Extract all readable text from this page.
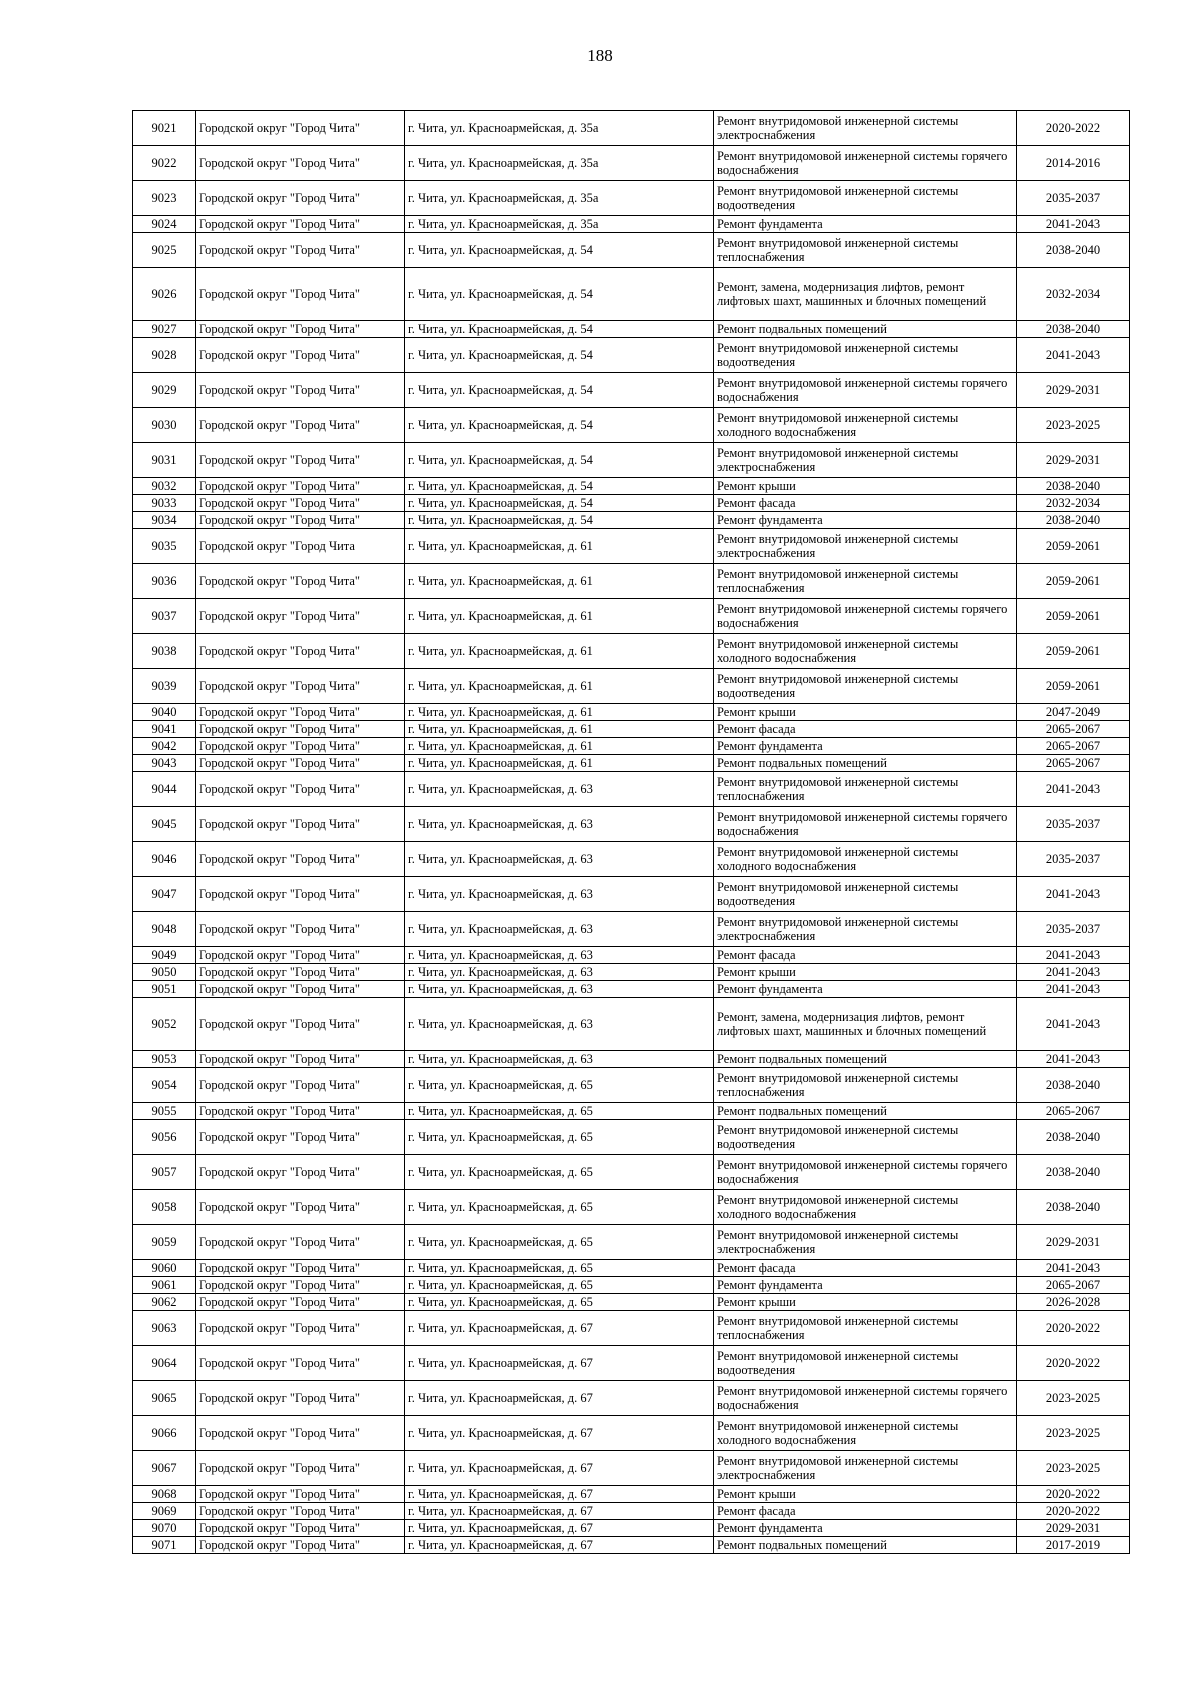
188
9021	Городской округ "Город Чита"	г. Чита, ул. Красноармейская, д. 35а	Ремонт внутридомовой инженерной системы электроснабжения	2020-2022
9022	Городской округ "Город Чита"	г. Чита, ул. Красноармейская, д. 35а	Ремонт внутридомовой инженерной системы горячего водоснабжения	2014-2016
9023	Городской округ "Город Чита"	г. Чита, ул. Красноармейская, д. 35а	Ремонт внутридомовой инженерной системы водоотведения	2035-2037
9024	Городской округ "Город Чита"	г. Чита, ул. Красноармейская, д. 35а	Ремонт фундамента	2041-2043
9025	Городской округ "Город Чита"	г. Чита, ул. Красноармейская, д. 54	Ремонт внутридомовой инженерной системы теплоснабжения	2038-2040
9026	Городской округ "Город Чита"	г. Чита, ул. Красноармейская, д. 54	Ремонт, замена, модернизация лифтов, ремонт лифтовых шахт, машинных и блочных помещений	2032-2034
9027	Городской округ "Город Чита"	г. Чита, ул. Красноармейская, д. 54	Ремонт подвальных помещений	2038-2040
9028	Городской округ "Город Чита"	г. Чита, ул. Красноармейская, д. 54	Ремонт внутридомовой инженерной системы водоотведения	2041-2043
9029	Городской округ "Город Чита"	г. Чита, ул. Красноармейская, д. 54	Ремонт внутридомовой инженерной системы горячего водоснабжения	2029-2031
9030	Городской округ "Город Чита"	г. Чита, ул. Красноармейская, д. 54	Ремонт внутридомовой инженерной системы холодного водоснабжения	2023-2025
9031	Городской округ "Город Чита"	г. Чита, ул. Красноармейская, д. 54	Ремонт внутридомовой инженерной системы электроснабжения	2029-2031
9032	Городской округ "Город Чита"	г. Чита, ул. Красноармейская, д. 54	Ремонт крыши	2038-2040
9033	Городской округ "Город Чита"	г. Чита, ул. Красноармейская, д. 54	Ремонт фасада	2032-2034
9034	Городской округ "Город Чита"	г. Чита, ул. Красноармейская, д. 54	Ремонт фундамента	2038-2040
9035	Городской округ "Город Чита	г. Чита, ул. Красноармейская, д. 61	Ремонт внутридомовой инженерной системы электроснабжения	2059-2061
9036	Городской округ "Город Чита"	г. Чита, ул. Красноармейская, д. 61	Ремонт внутридомовой инженерной системы теплоснабжения	2059-2061
9037	Городской округ "Город Чита"	г. Чита, ул. Красноармейская, д. 61	Ремонт внутридомовой инженерной системы горячего водоснабжения	2059-2061
9038	Городской округ "Город Чита"	г. Чита, ул. Красноармейская, д. 61	Ремонт внутридомовой инженерной системы холодного водоснабжения	2059-2061
9039	Городской округ "Город Чита"	г. Чита, ул. Красноармейская, д. 61	Ремонт внутридомовой инженерной системы водоотведения	2059-2061
9040	Городской округ "Город Чита"	г. Чита, ул. Красноармейская, д. 61	Ремонт крыши	2047-2049
9041	Городской округ "Город Чита"	г. Чита, ул. Красноармейская, д. 61	Ремонт фасада	2065-2067
9042	Городской округ "Город Чита"	г. Чита, ул. Красноармейская, д. 61	Ремонт фундамента	2065-2067
9043	Городской округ "Город Чита"	г. Чита, ул. Красноармейская, д. 61	Ремонт подвальных помещений	2065-2067
9044	Городской округ "Город Чита"	г. Чита, ул. Красноармейская, д. 63	Ремонт внутридомовой инженерной системы теплоснабжения	2041-2043
9045	Городской округ "Город Чита"	г. Чита, ул. Красноармейская, д. 63	Ремонт внутридомовой инженерной системы горячего водоснабжения	2035-2037
9046	Городской округ "Город Чита"	г. Чита, ул. Красноармейская, д. 63	Ремонт внутридомовой инженерной системы холодного водоснабжения	2035-2037
9047	Городской округ "Город Чита"	г. Чита, ул. Красноармейская, д. 63	Ремонт внутридомовой инженерной системы водоотведения	2041-2043
9048	Городской округ "Город Чита"	г. Чита, ул. Красноармейская, д. 63	Ремонт внутридомовой инженерной системы электроснабжения	2035-2037
9049	Городской округ "Город Чита"	г. Чита, ул. Красноармейская, д. 63	Ремонт фасада	2041-2043
9050	Городской округ "Город Чита"	г. Чита, ул. Красноармейская, д. 63	Ремонт крыши	2041-2043
9051	Городской округ "Город Чита"	г. Чита, ул. Красноармейская, д. 63	Ремонт фундамента	2041-2043
9052	Городской округ "Город Чита"	г. Чита, ул. Красноармейская, д. 63	Ремонт, замена, модернизация лифтов, ремонт лифтовых шахт, машинных и блочных помещений	2041-2043
9053	Городской округ "Город Чита"	г. Чита, ул. Красноармейская, д. 63	Ремонт подвальных помещений	2041-2043
9054	Городской округ "Город Чита"	г. Чита, ул. Красноармейская, д. 65	Ремонт внутридомовой инженерной системы теплоснабжения	2038-2040
9055	Городской округ "Город Чита"	г. Чита, ул. Красноармейская, д. 65	Ремонт подвальных помещений	2065-2067
9056	Городской округ "Город Чита"	г. Чита, ул. Красноармейская, д. 65	Ремонт внутридомовой инженерной системы водоотведения	2038-2040
9057	Городской округ "Город Чита"	г. Чита, ул. Красноармейская, д. 65	Ремонт внутридомовой инженерной системы горячего водоснабжения	2038-2040
9058	Городской округ "Город Чита"	г. Чита, ул. Красноармейская, д. 65	Ремонт внутридомовой инженерной системы холодного водоснабжения	2038-2040
9059	Городской округ "Город Чита"	г. Чита, ул. Красноармейская, д. 65	Ремонт внутридомовой инженерной системы электроснабжения	2029-2031
9060	Городской округ "Город Чита"	г. Чита, ул. Красноармейская, д. 65	Ремонт фасада	2041-2043
9061	Городской округ "Город Чита"	г. Чита, ул. Красноармейская, д. 65	Ремонт фундамента	2065-2067
9062	Городской округ "Город Чита"	г. Чита, ул. Красноармейская, д. 65	Ремонт крыши	2026-2028
9063	Городской округ "Город Чита"	г. Чита, ул. Красноармейская, д. 67	Ремонт внутридомовой инженерной системы теплоснабжения	2020-2022
9064	Городской округ "Город Чита"	г. Чита, ул. Красноармейская, д. 67	Ремонт внутридомовой инженерной системы водоотведения	2020-2022
9065	Городской округ "Город Чита"	г. Чита, ул. Красноармейская, д. 67	Ремонт внутридомовой инженерной системы горячего водоснабжения	2023-2025
9066	Городской округ "Город Чита"	г. Чита, ул. Красноармейская, д. 67	Ремонт внутридомовой инженерной системы холодного водоснабжения	2023-2025
9067	Городской округ "Город Чита"	г. Чита, ул. Красноармейская, д. 67	Ремонт внутридомовой инженерной системы электроснабжения	2023-2025
9068	Городской округ "Город Чита"	г. Чита, ул. Красноармейская, д. 67	Ремонт крыши	2020-2022
9069	Городской округ "Город Чита"	г. Чита, ул. Красноармейская, д. 67	Ремонт фасада	2020-2022
9070	Городской округ "Город Чита"	г. Чита, ул. Красноармейская, д. 67	Ремонт фундамента	2029-2031
9071	Городской округ "Город Чита"	г. Чита, ул. Красноармейская, д. 67	Ремонт подвальных помещений	2017-2019
